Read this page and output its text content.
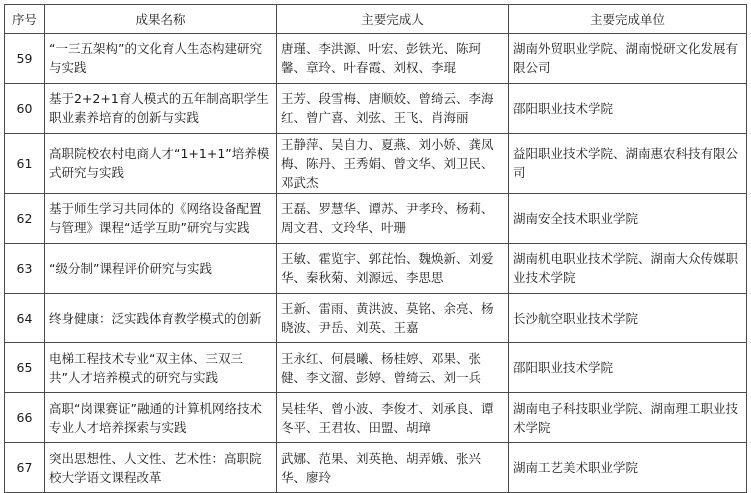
序号	成果名称	主要完成人	主要完成单位
59	“一三五架构”的文化育人生态构建研究与实践	唐瑾、李洪源、叶宏、彭铁光、陈珂馨、章玲、叶春霞、刘权、李琨	湖南外贸职业学院、湖南悦研文化发展有限公司
60	基于2+2+1育人模式的五年制高职学生职业素养培育的创新与实践	王芳、段雪梅、唐顺姣、曾绮云、李海红、曾广喜、刘弦、王飞、肖海丽	邵阳职业技术学院
61	高职院校农村电商人才“1+1+1”培养模式研究与实践	王静萍、吴自力、夏燕、刘小娇、龚凤梅、陈丹、王秀娟、曾文华、刘卫民、邓武杰	益阳职业技术学院、湖南惠农科技有限公司
62	基于师生学习共同体的《网络设备配置与管理》课程“适学互助”研究与实践	王磊、罗慧华、谭苏、尹孝玲、杨莉、周文君、文玲华、叶珊	湖南安全技术职业学院
63	“级分制”课程评价研究与实践	王敏、霍览宇、郭芘怡、魏焕新、刘爱华、秦秋菊、刘源远、李思思	湖南机电职业技术学院、湖南大众传媒职业技术学院
64	终身健康：泛实践体育教学模式的创新	王新、雷雨、黄洪波、莫铭、余亮、杨晓波、尹岳、刘英、王嘉	长沙航空职业技术学院
65	电梯工程技术专业“双主体、三双三共”人才培养模式的研究与实践	王永红、何晨曦、杨桂婷、邓果、张健、李文溜、彭婷、曾绮云、刘一兵	邵阳职业技术学院
66	高职“岗课赛证”融通的计算机网络技术专业人才培养探索与实践	吴桂华、曾小波、李俊才、刘承良、谭冬平、王君妆、田盟、胡璋	湖南电子科技职业学院、湖南理工职业技术学院
67	突出思想性、人文性、艺术性：高职院校大学语文课程改革	武娜、范果、刘英艳、胡弄娥、张兴华、廖玲	湖南工艺美术职业学院
